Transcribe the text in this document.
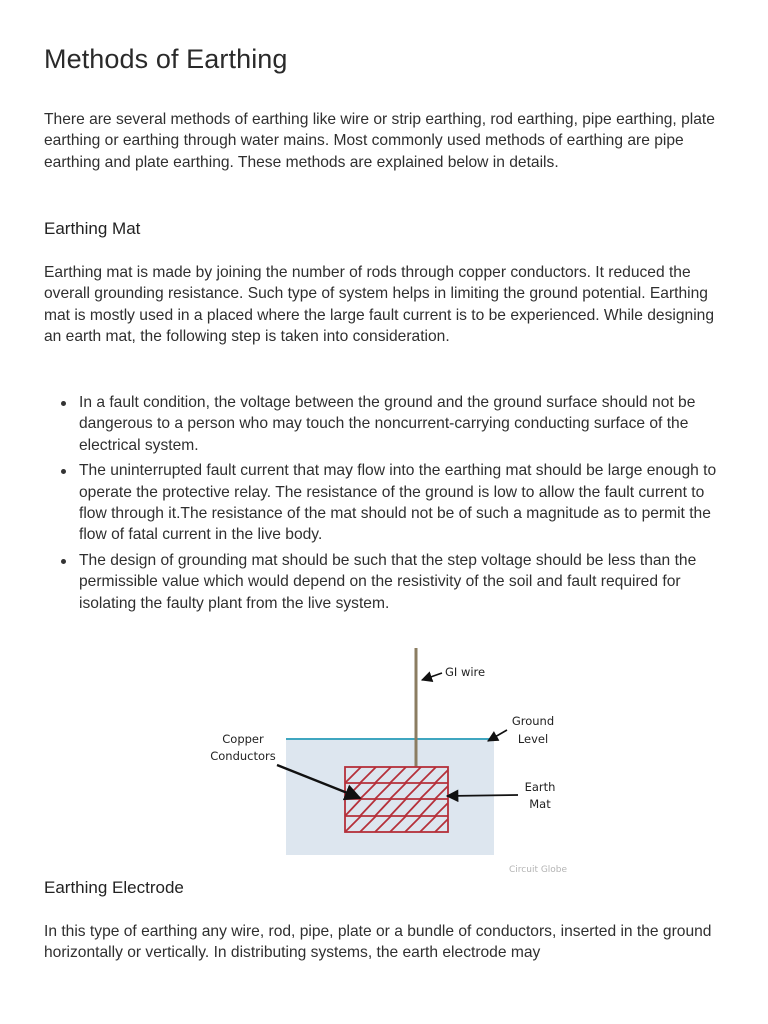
Methods of Earthing

There are several methods of earthing like wire or strip earthing, rod earthing, pipe earthing, plate earthing or earthing through water mains. Most commonly used methods of earthing are pipe earthing and plate earthing. These methods are explained below in details.

Earthing Mat

Earthing mat is made by joining the number of rods through copper conductors. It reduced the overall grounding resistance. Such type of system helps in limiting the ground potential. Earthing mat is mostly used in a placed where the large fault current is to be experienced. While designing an earth mat, the following step is taken into consideration.

In a fault condition, the voltage between the ground and the ground surface should not be dangerous to a person who may touch the noncurrent-carrying conducting surface of the electrical system.
The uninterrupted fault current that may flow into the earthing mat should be large enough to operate the protective relay. The resistance of the ground is low to allow the fault current to flow through it.The resistance of the mat should not be of such a magnitude as to permit the flow of fatal current in the live body.
The design of grounding mat should be such that the step voltage should be less than the permissible value which would depend on the resistivity of the soil and fault required for isolating the faulty plant from the live system.
GI wire
Ground
Level
Copper
Conductors
Earth
Mat
Circuit Globe
Earthing Electrode

In this type of earthing any wire, rod, pipe, plate or a bundle of conductors, inserted in the ground horizontally or vertically. In distributing systems, the earth electrode may
